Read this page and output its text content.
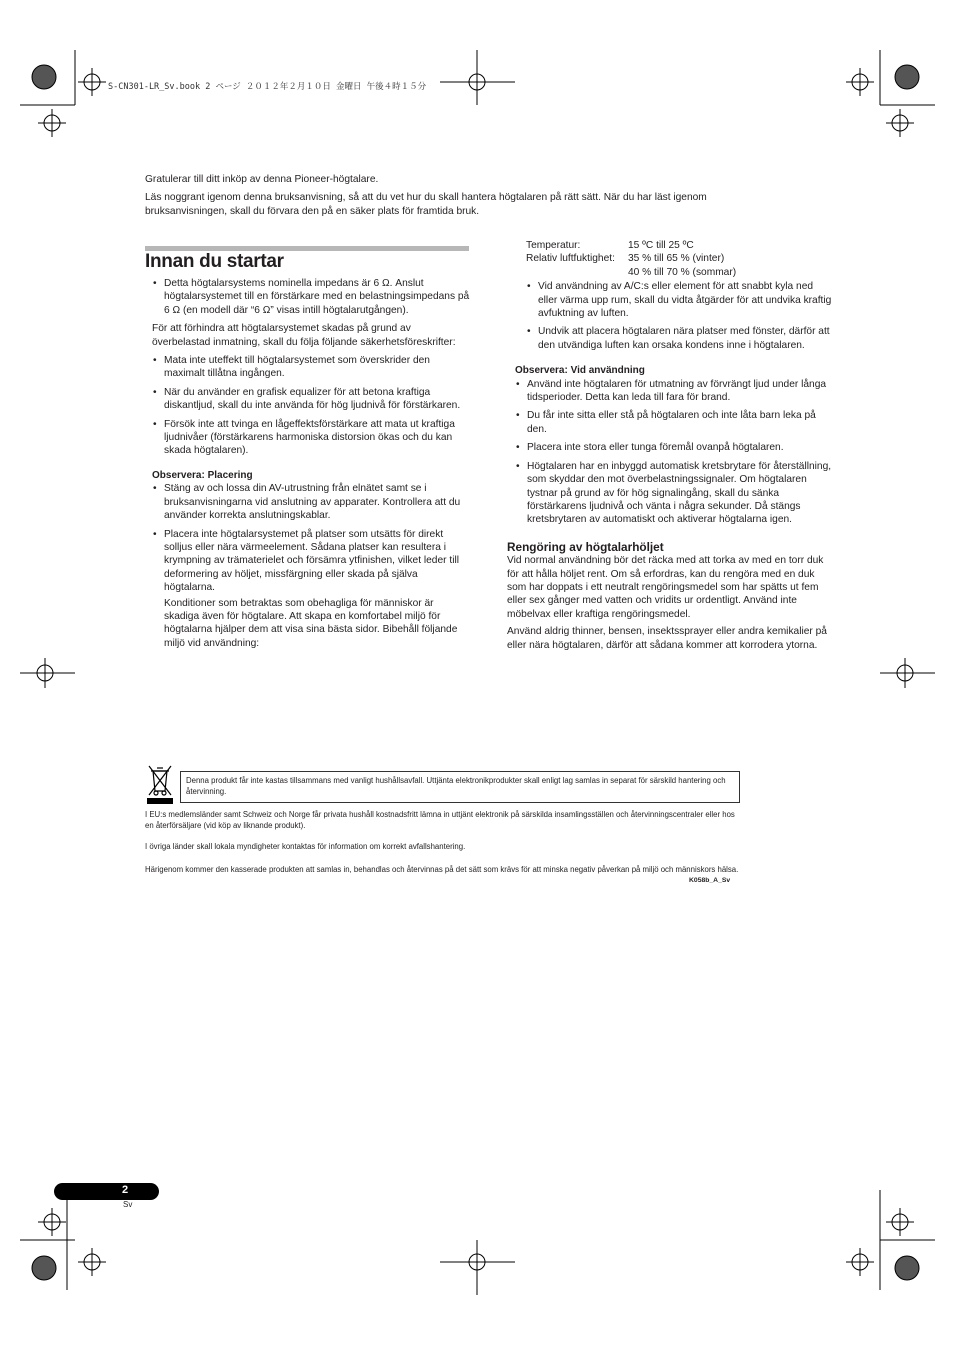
S-CN301-LR_Sv.book 2 ページ ２０１２年２月１０日 金曜日 午後４時１５分

Gratulerar till ditt inköp av denna Pioneer-högtalare.

Läs noggrant igenom denna bruksanvisning, så att du vet hur du skall hantera högtalaren på rätt sätt. När du har läst igenom bruksanvisningen, skall du förvara den på en säker plats för framtida bruk.

Innan du startar
• Detta högtalarsystems nominella impedans är 6 Ω. Anslut högtalarsystemet till en förstärkare med en belastningsimpedans på 6 Ω (en modell där “6 Ω” visas intill högtalarutgången).

För att förhindra att högtalarsystemet skadas på grund av överbelastad inmatning, skall du följa följande säkerhetsföreskrifter:

• Mata inte uteffekt till högtalarsystemet som överskrider den maximalt tillåtna ingången.
• När du använder en grafisk equalizer för att betona kraftiga diskantljud, skall du inte använda för hög ljudnivå för förstärkaren.
• Försök inte att tvinga en lågeffektsförstärkare att mata ut kraftiga ljudnivåer (förstärkarens harmoniska distorsion ökas och du kan skada högtalaren).

Observera: Placering

• Stäng av och lossa din AV-utrustning från elnätet samt se i bruksanvisningarna vid anslutning av apparater. Kontrollera att du använder korrekta anslutningskablar.
• Placera inte högtalarsystemet på platser som utsätts för direkt solljus eller nära värmeelement. Sådana platser kan resultera i krympning av trämaterielet och försämra ytfinishen, vilket leder till deformering av höljet, missfärgning eller skada på själva högtalarna.

Konditioner som betraktas som obehagliga för människor är skadiga även för högtalare. Att skapa en komfortabel miljö för högtalarna hjälper dem att visa sina bästa sidor. Bibehåll följande miljö vid användning:

Temperatur:	15 ºC till 25 ºC
Relativ luftfuktighet:	35 % till 65 % (vinter)
	40 % till 70 % (sommar)
• Vid användning av A/C:s eller element för att snabbt kyla ned eller värma upp rum, skall du vidta åtgärder för att undvika kraftig avfuktning av luften.
• Undvik att placera högtalaren nära platser med fönster, därför att den utvändiga luften kan orsaka kondens inne i högtalaren.

Observera: Vid användning

• Använd inte högtalaren för utmatning av förvrängt ljud under långa tidsperioder. Detta kan leda till fara för brand.
• Du får inte sitta eller stå på högtalaren och inte låta barn leka på den.
• Placera inte stora eller tunga föremål ovanpå högtalaren.
• Högtalaren har en inbyggd automatisk kretsbrytare för återställning, som skyddar den mot överbelastningssignaler. Om högtalaren tystnar på grund av för hög signalingång, skall du sänka förstärkarens ljudnivå och vänta i några sekunder. Då stängs kretsbrytaren av automatiskt och aktiverar högtalarna igen.

Rengöring av högtalarhöljet

Vid normal användning bör det räcka med att torka av med en torr duk för att hålla höljet rent. Om så erfordras, kan du rengöra med en duk som har doppats i ett neutralt rengöringsmedel som har spätts ut fem eller sex gånger med vatten och vridits ur ordentligt. Använd inte möbelvax eller kraftiga rengöringsmedel.

Använd aldrig thinner, bensen, insektssprayer eller andra kemikalier på eller nära högtalaren, därför att sådana kommer att korrodera ytorna.

Denna produkt får inte kastas tillsammans med vanligt hushållsavfall. Uttjänta elektronikprodukter skall enligt lag samlas in separat för särskild hantering och återvinning.
I EU:s medlemsländer samt Schweiz och Norge får privata hushåll kostnadsfritt lämna in uttjänt elektronik på särskilda insamlingsställen och återvinningscentraler eller hos en återförsäljare (vid köp av liknande produkt).
I övriga länder skall lokala myndigheter kontaktas för information om korrekt avfallshantering.
Härigenom kommer den kasserade produkten att samlas in, behandlas och återvinnas på det sätt som krävs för att minska negativ påverkan på miljö och människors hälsa.
K058b_A_Sv
2
Sv
